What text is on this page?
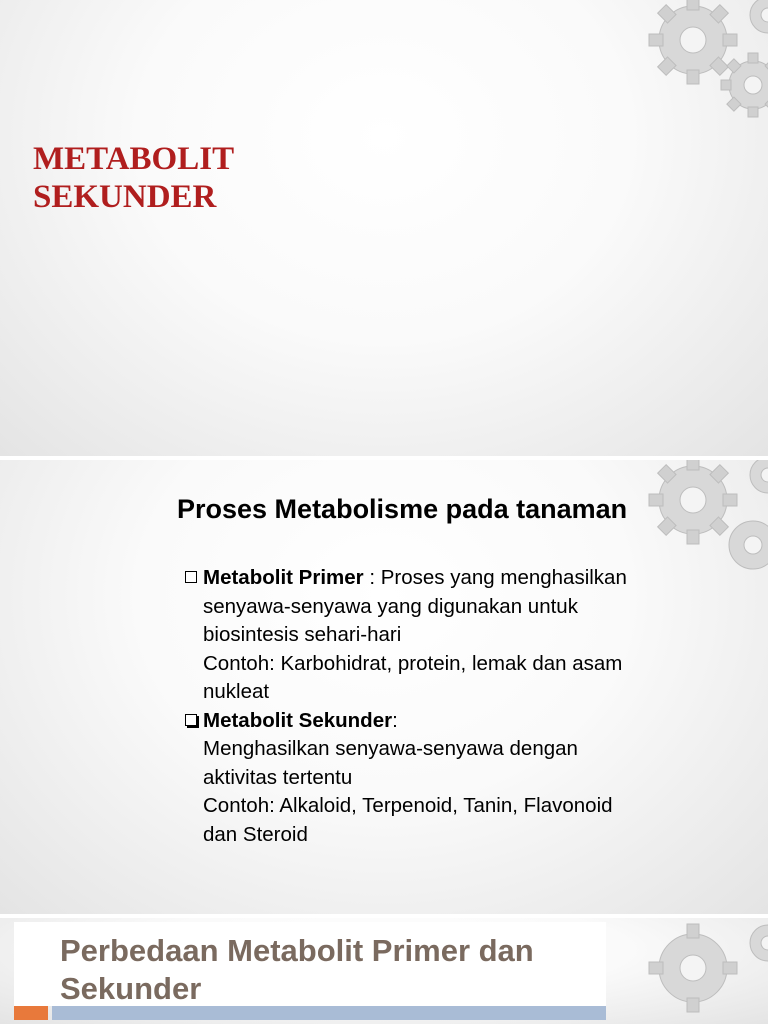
METABOLIT
SEKUNDER
Proses Metabolisme pada tanaman
Metabolit Primer : Proses yang menghasilkan
senyawa-senyawa yang digunakan untuk
biosintesis sehari-hari
Contoh: Karbohidrat, protein, lemak dan asam
nukleat
Metabolit Sekunder:
Menghasilkan senyawa-senyawa dengan
aktivitas tertentu
Contoh: Alkaloid, Terpenoid, Tanin, Flavonoid
dan Steroid
Perbedaan Metabolit Primer dan
Sekunder
